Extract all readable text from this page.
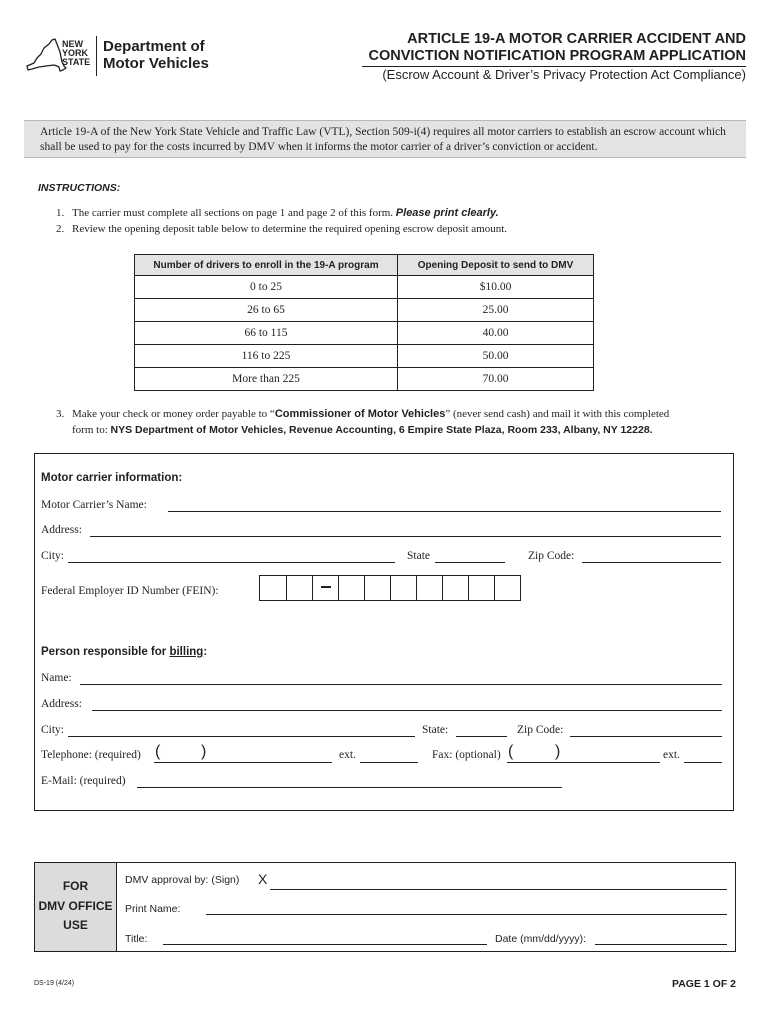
NEW
YORK
STATE
Department of
Motor Vehicles
ARTICLE 19-A MOTOR CARRIER ACCIDENT AND
CONVICTION NOTIFICATION PROGRAM APPLICATION
(Escrow Account & Driver’s Privacy Protection Act Compliance)
Article 19-A of the New York State Vehicle and Traffic Law (VTL), Section 509-i(4) requires all motor carriers to establish an escrow account which shall be used to pay for the costs incurred by DMV when it informs the motor carrier of a driver’s conviction or accident.
INSTRUCTIONS:
1. The carrier must complete all sections on page 1 and page 2 of this form. Please print clearly.
2. Review the opening deposit table below to determine the required opening escrow deposit amount.
Number of drivers to enroll in the 19-A program	Opening Deposit to send to DMV
0 to 25	$10.00
26 to 65	25.00
66 to 115	40.00
116 to 225	50.00
More than 225	70.00
3. Make your check or money order payable to “Commissioner of Motor Vehicles” (never send cash) and mail it with this completed
form to: NYS Department of Motor Vehicles, Revenue Accounting, 6 Empire State Plaza, Room 233, Albany, NY 12228.
Motor carrier information:
Motor Carrier’s Name:
Address:
City:	State	Zip Code:
Federal Employer ID Number (FEIN):
Person responsible for billing:
Name:
Address:
City:	State:	Zip Code:
Telephone: (required) (	)	ext.	Fax: (optional) (	)	ext.
E-Mail: (required)
FOR
DMV OFFICE
USE
DMV approval by: (Sign) X
Print Name:
Title:	Date (mm/dd/yyyy):
DS-19 (4/24)	PAGE 1 OF 2
